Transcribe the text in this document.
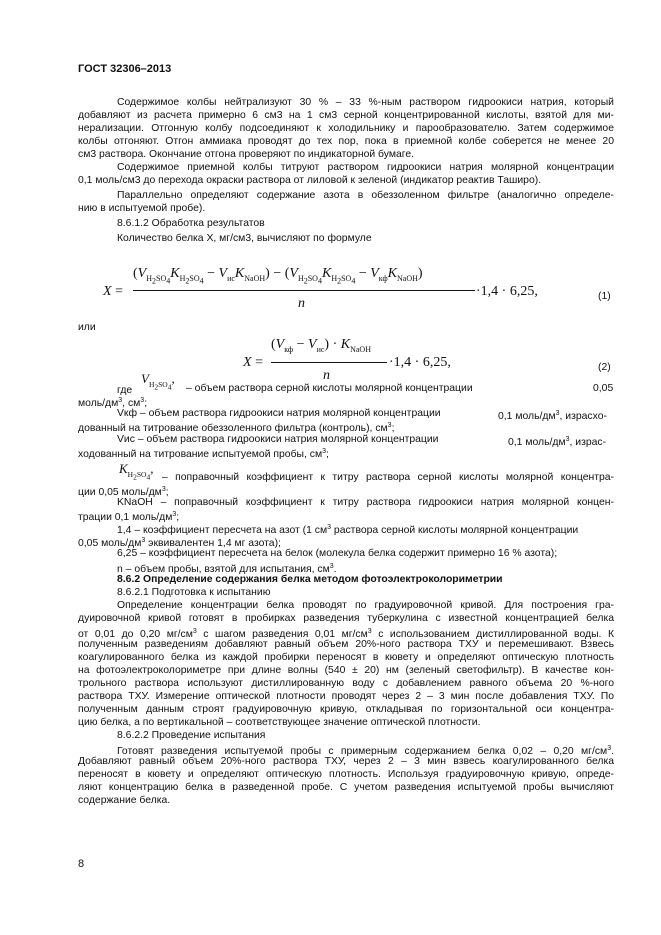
ГОСТ 32306–2013
Содержимое колбы нейтрализуют 30 % – 33 %-ным раствором гидроокиси натрия, который
добавляют из расчета примерно 6 см3 на 1 см3 серной концентрированной кислоты, взятой для ми-
нерализации. Отгонную колбу подсоединяют к холодильнику и парообразователю. Затем содержимое
колбы отгоняют. Отгон аммиака проводят до тех пор, пока в приемной колбе соберется не менее 20
см3 раствора. Окончание отгона проверяют по индикаторной бумаге.
Содержимое приемной колбы титруют раствором гидроокиси натрия молярной концентрации
0,1 моль/см3 до перехода окраски раствора от лиловой к зеленой (индикатор реактив Таширо).
Параллельно определяют содержание азота в обеззоленном фильтре (аналогично определе-
нию в испытуемой пробе).
8.6.1.2 Обработка результатов
Количество белка X, мг/см3, вычисляют по формуле
X =
$(V_{H_2SO_4}K_{H_2SO_4} - V_{ис}K_{NaOH}) - (V_{H_2SO_4}K_{H_2SO_4} - V_{кф}K_{NaOH})$
n
·1,4 · 6,25,	(1)
или
X =
$(V_{кф} - V_{ис}) \cdot K_{NaOH}$
n
·1,4 · 6,25,	(2)
где
$V_{H_2SO_4}$,
– объем раствора серной кислоты молярной концентрации	0,05
моль/$дм^3$, $см^3$;
Vкф – объем раствора гидроокиси натрия молярной концентрации	0,1 моль/$дм^3$, израсхо-
дованный на титрование обеззоленного фильтра (контроль), $см^3$;
Vис – объем раствора гидроокиси натрия молярной концентрации	0,1 моль/$дм^3$, израс-
ходованный на титрование испытуемой пробы, $см^3$;
$K_{H_2SO_4}$,
– поправочный коэффициент к титру раствора серной кислоты молярной концентра-
ции 0,05 моль/$дм^3$;
KNaOH – поправочный коэффициент к титру раствора гидроокиси натрия молярной концен-
трации 0,1 моль/$дм^3$;
1,4 – коэффициент пересчета на азот (1 $см^3$ раствора серной кислоты молярной концентрации
0,05 моль/$дм^3$ эквивалентен 1,4 мг азота);
6,25 – коэффициент пересчета на белок (молекула белка содержит примерно 16 % азота);
n – объем пробы, взятой для испытания, $см^3$.
8.6.2 Определение содержания белка методом фотоэлектроколориметрии
8.6.2.1 Подготовка к испытанию
Определение концентрации белка проводят по градуировочной кривой. Для построения гра-
дуировочной кривой готовят в пробирках разведения туберкулина с известной концентрацией белка
от 0,01 до 0,20 $мг/см^3$ с шагом разведения 0,01 $мг/см^3$ с использованием дистиллированной воды. К
полученным разведениям добавляют равный объем 20%-ного раствора ТХУ и перемешивают. Взвесь
коагулированного белка из каждой пробирки переносят в кювету и определяют оптическую плотность
на фотоэлектроколориметре при длине волны (540 ± 20) нм (зеленый светофильтр). В качестве кон-
трольного раствора используют дистиллированную воду с добавлением равного объема 20 %-ного
раствора ТХУ. Измерение оптической плотности проводят через 2 – 3 мин после добавления ТХУ. По
полученным данным строят градуировочную кривую, откладывая по горизонтальной оси концентра-
цию белка, а по вертикальной – соответствующее значение оптической плотности.
8.6.2.2 Проведение испытания
Готовят разведения испытуемой пробы с примерным содержанием белка 0,02 – 0,20 $мг/см^3$.
Добавляют равный объем 20%-ного раствора ТХУ, через 2 – 3 мин взвесь коагулированного белка
переносят в кювету и определяют оптическую плотность. Используя градуировочную кривую, опреде-
ляют концентрацию белка в разведенной пробе. С учетом разведения испытуемой пробы вычисляют
содержание белка.
8
